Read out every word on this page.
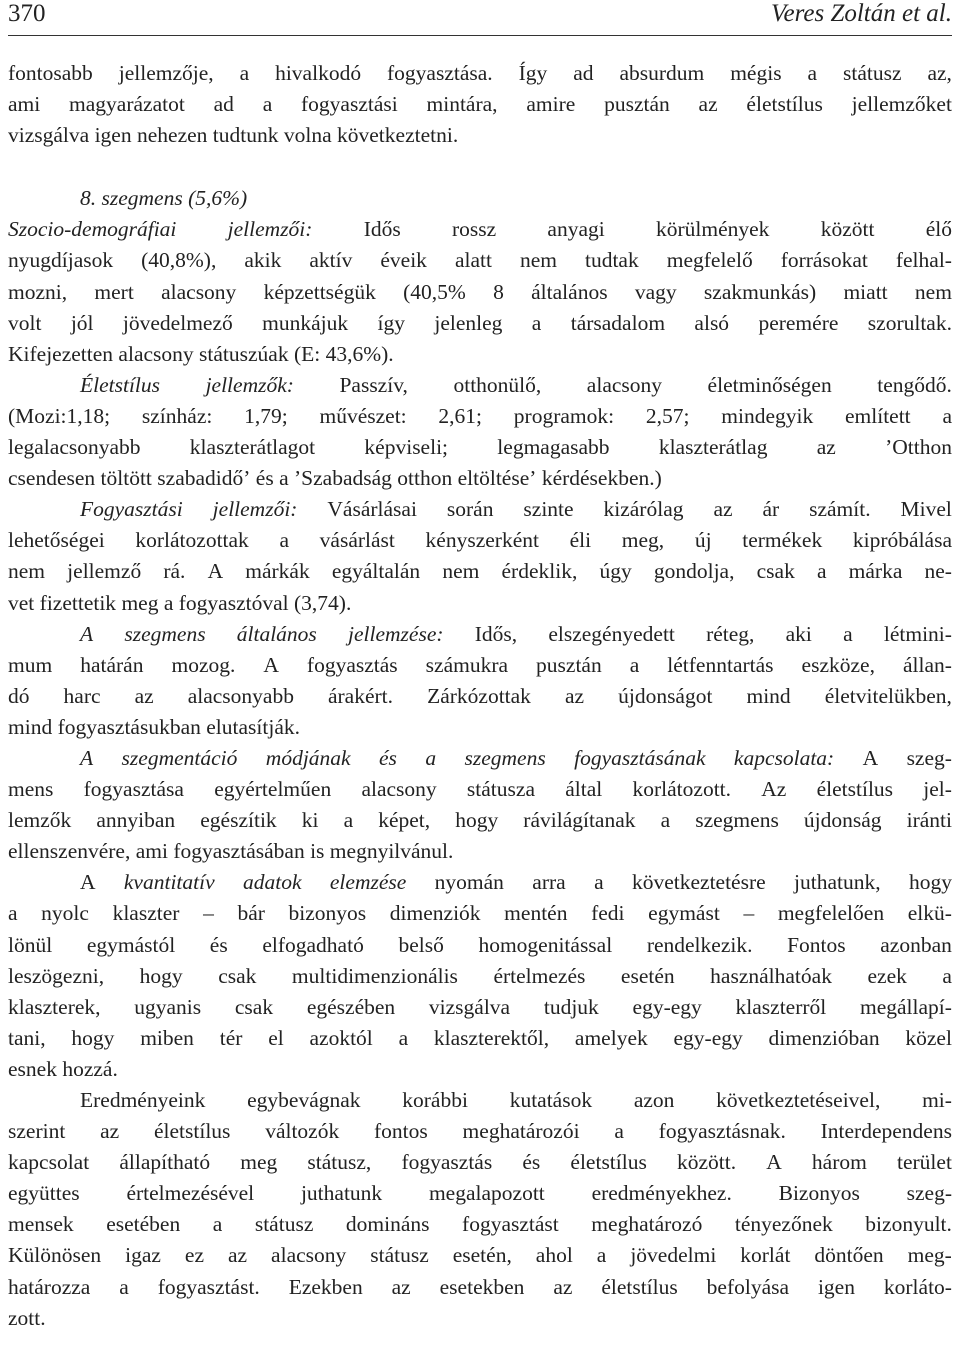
370	Veres Zoltán et al.
fontosabb jellemzője, a hivalkodó fogyasztása. Így ad absurdum mégis a státusz az,
ami magyarázatot ad a fogyasztási mintára, amire pusztán az életstílus jellemzőket
vizsgálva igen nehezen tudtunk volna következtetni.
8. szegmens (5,6%)
Szocio-demográfiai jellemzői: Idős rossz anyagi körülmények között élő
nyugdíjasok (40,8%), akik aktív éveik alatt nem tudtak megfelelő forrásokat felhal-
mozni, mert alacsony képzettségük (40,5% 8 általános vagy szakmunkás) miatt nem
volt jól jövedelmező munkájuk így jelenleg a társadalom alsó peremére szorultak.
Kifejezetten alacsony státuszúak (E: 43,6%).
Életstílus jellemzők: Passzív, otthonülő, alacsony életminőségen tengődő.
(Mozi:1,18; színház: 1,79; művészet: 2,61; programok: 2,57; mindegyik említett a
legalacsonyabb klaszterátlagot képviseli; legmagasabb klaszterátlag az ’Otthon
csendesen töltött szabadidő’ és a ’Szabadság otthon eltöltése’ kérdésekben.)
Fogyasztási jellemzői: Vásárlásai során szinte kizárólag az ár számít. Mivel
lehetőségei korlátozottak a vásárlást kényszerként éli meg, új termékek kipróbálása
nem jellemző rá. A márkák egyáltalán nem érdeklik, úgy gondolja, csak a márka ne-
vet fizettetik meg a fogyasztóval (3,74).
A szegmens általános jellemzése: Idős, elszegényedett réteg, aki a létmini-
mum határán mozog. A fogyasztás számukra pusztán a létfenntartás eszköze, állan-
dó harc az alacsonyabb árakért. Zárkózottak az újdonságot mind életvitelükben,
mind fogyasztásukban elutasítják.
A szegmentáció módjának és a szegmens fogyasztásának kapcsolata: A szeg-
mens fogyasztása egyértelműen alacsony státusza által korlátozott. Az életstílus jel-
lemzők annyiban egészítik ki a képet, hogy rávilágítanak a szegmens újdonság iránti
ellenszenvére, ami fogyasztásában is megnyilvánul.
A kvantitatív adatok elemzése nyomán arra a következtetésre juthatunk, hogy
a nyolc klaszter – bár bizonyos dimenziók mentén fedi egymást – megfelelően elkü-
lönül egymástól és elfogadható belső homogenitással rendelkezik. Fontos azonban
leszögezni, hogy csak multidimenzionális értelmezés esetén használhatóak ezek a
klaszterek, ugyanis csak egészében vizsgálva tudjuk egy-egy klaszterről megállapí-
tani, hogy miben tér el azoktól a klaszterektől, amelyek egy-egy dimenzióban közel
esnek hozzá.
Eredményeink egybevágnak korábbi kutatások azon következtetéseivel, mi-
szerint az életstílus változók fontos meghatározói a fogyasztásnak. Interdependens
kapcsolat állapítható meg státusz, fogyasztás és életstílus között. A három terület
együttes értelmezésével juthatunk megalapozott eredményekhez. Bizonyos szeg-
mensek esetében a státusz domináns fogyasztást meghatározó tényezőnek bizonyult.
Különösen igaz ez az alacsony státusz esetén, ahol a jövedelmi korlát döntően meg-
határozza a fogyasztást. Ezekben az esetekben az életstílus befolyása igen korláto-
zott.
